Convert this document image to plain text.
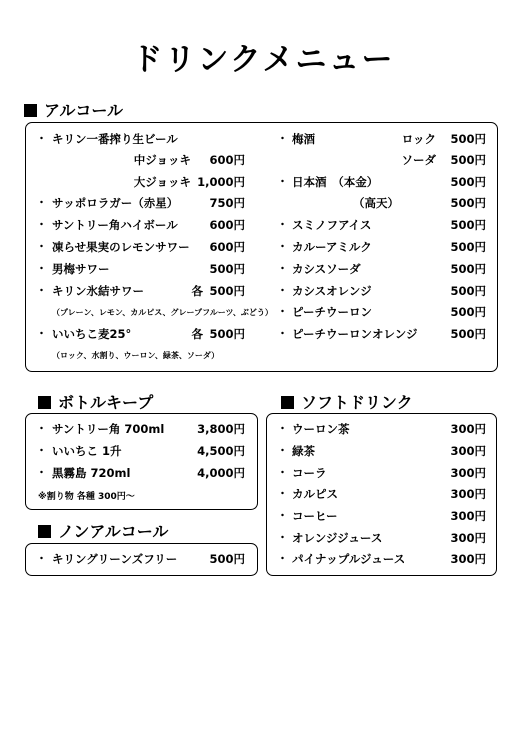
ドリンクメニュー
アルコール
・ キリン一番搾り生ビール
中ジョッキ 600円
大ジョッキ 1,000円
・ サッポロラガー（赤星）	750円
・ サントリー角ハイボール	600円
・ 凍らせ果実のレモンサワー 600円
・ 男梅サワー	500円
・ キリン氷結サワー	各 500円
（プレーン、レモン、カルピス、グレープフルーツ、ぶどう）
・ いいちこ麦25°	各 500円
（ロック、水割り、ウーロン、緑茶、ソーダ）
・ 梅酒	ロック 500円
ソーダ 500円
・ 日本酒　（本金）	500円
（高天）	500円
・ スミノフアイス	500円
・ カルーアミルク	500円
・ カシスソーダ	500円
・ カシスオレンジ	500円
・ ピーチウーロン	500円
・ ピーチウーロンオレンジ	500円
ボトルキープ
・ サントリー角 700ml	3,800円
・ いいちこ 1升	4,500円
・ 黒霧島 720ml	4,000円
※割り物 各種 300円～
ノンアルコール
・ キリングリーンズフリー	500円
ソフトドリンク
・ ウーロン茶	300円
・ 緑茶	300円
・ コーラ	300円
・ カルピス	300円
・ コーヒー	300円
・ オレンジジュース	300円
・ パイナップルジュース	300円
